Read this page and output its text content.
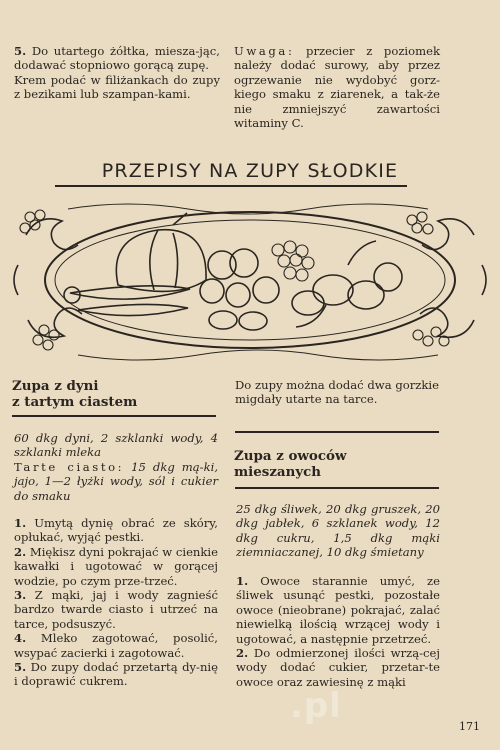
5. Do utartego żółtka, miesza-jąc, dodawać stopniowo gorącą zupę.

Krem podać w filiżankach do zupy z bezikami lub szampan-kami.

Uwaga: przecier z poziomek należy dodać surowy, aby przez ogrzewanie nie wydobyć gorz-kiego smaku z ziarenek, a tak-że nie zmniejszyć zawartości witaminy C.

PRZEPISY NA ZUPY SŁODKIE
Zupa z dyni
z tartym ciastem

60 dkg dyni, 2 szklanki wody, 4 szklanki mleka

Tarte ciasto: 15 dkg mą-ki, jajo, 1—2 łyżki wody, sól i cukier do smaku

1. Umytą dynię obrać ze skóry, opłukać, wyjąć pestki.

2. Miękisz dyni pokrajać w cienkie kawałki i ugotować w gorącej wodzie, po czym prze-trzeć.

3. Z mąki, jaj i wody zagnieść bardzo twarde ciasto i utrzeć na tarce, podsuszyć.

4. Mleko zagotować, posolić, wsypać zacierki i zagotować.

5. Do zupy dodać przetartą dy-nię i doprawić cukrem.

Do zupy można dodać dwa gorzkie migdały utarte na tarce.

Zupa z owoców
mieszanych

25 dkg śliwek, 20 dkg gruszek, 20 dkg jabłek, 6 szklanek wody, 12 dkg cukru, 1,5 dkg mąki ziemniaczanej, 10 dkg śmietany

1. Owoce starannie umyć, ze śliwek usunąć pestki, pozostałe owoce (nieobrane) pokrajać, zalać niewielką ilością wrzącej wody i ugotować, a następnie przetrzeć.

2. Do odmierzonej ilości wrzą-cej wody dodać cukier, przetar-te owoce oraz zawiesinę z mąki

.pl
171
